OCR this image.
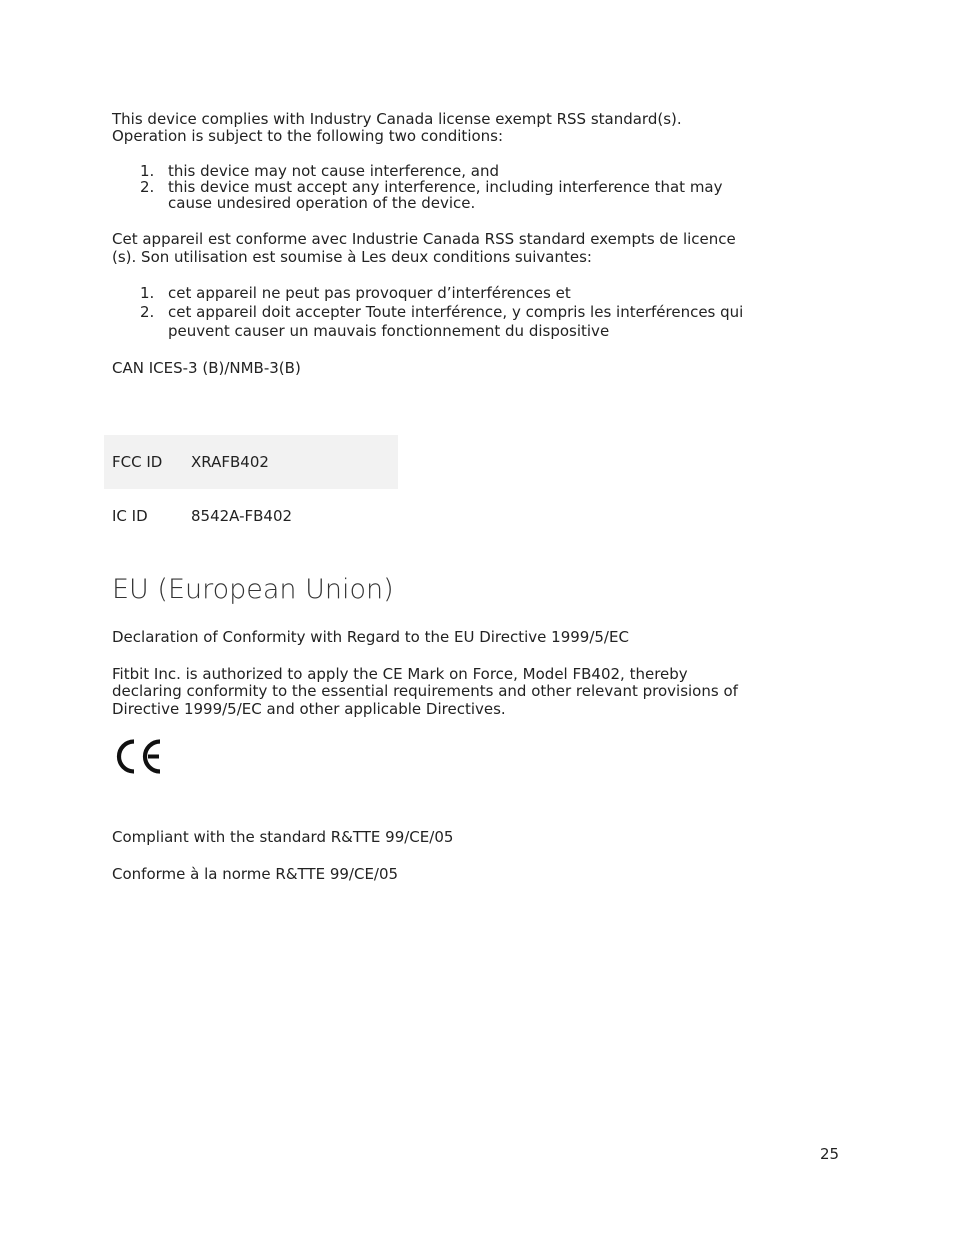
This device complies with Industry Canada license exempt RSS standard(s).

Operation is subject to the following two conditions:

1. this device may not cause interference, and
2. this device must accept any interference, including interference that may
cause undesired operation of the device.

Cet appareil est conforme avec Industrie Canada RSS standard exempts de licence

(s). Son utilisation est soumise à Les deux conditions suivantes:

1. cet appareil ne peut pas provoquer d’interférences et
2. cet appareil doit accepter Toute interférence, y compris les interférences qui
peuvent causer un mauvais fonctionnement du dispositive

CAN ICES-3 (B)/NMB-3(B)

FCC ID XRAFB402
IC ID	8542A-FB402
EU (European Union)

Declaration of Conformity with Regard to the EU Directive 1999/5/EC

Fitbit Inc. is authorized to apply the CE Mark on Force, Model FB402, thereby

declaring conformity to the essential requirements and other relevant provisions of

Directive 1999/5/EC and other applicable Directives.

Compliant with the standard R&TTE 99/CE/05

Conforme à la norme R&TTE 99/CE/05

25
